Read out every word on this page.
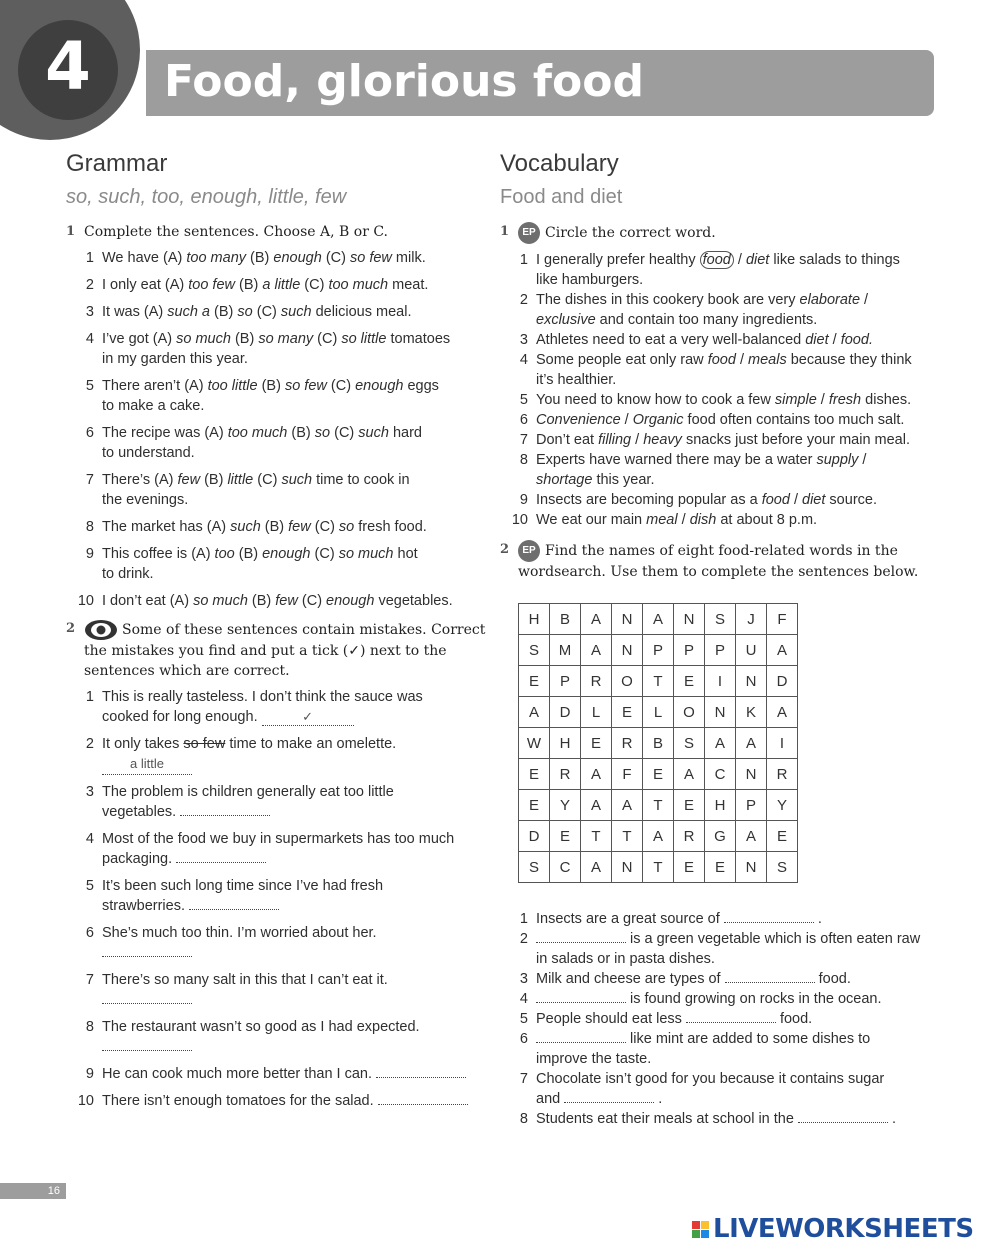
4	Food, glorious food
Grammar
so, such, too, enough, little, few
1 Complete the sentences. Choose A, B or C.
1 We have (A) too many (B) enough (C) so few milk.
2 I only eat (A) too few (B) a little (C) too much meat.
3 It was (A) such a (B) so (C) such delicious meal.
4 I’ve got (A) so much (B) so many (C) so little tomatoes
in my garden this year.
5 There aren’t (A) too little (B) so few (C) enough eggs
to make a cake.
6 The recipe was (A) too much (B) so (C) such hard
to understand.
7 There’s (A) few (B) little (C) such time to cook in
the evenings.
8 The market has (A) such (B) few (C) so fresh food.
9 This coffee is (A) too (B) enough (C) so much hot
to drink.
10 I don’t eat (A) so much (B) few (C) enough vegetables.
2	Some of these sentences contain mistakes. Correct the mistakes you find and put a tick (✓) next to the sentences which are correct.
1 This is really tasteless. I don’t think the sauce was
cooked for long enough.	✓
2 It only takes so few time to make an omelette.
a little
3 The problem is children generally eat too little
vegetables.
4 Most of the food we buy in supermarkets has too much
packaging.
5 It’s been such long time since I’ve had fresh
strawberries.
6 She’s much too thin. I’m worried about her.
7 There’s so many salt in this that I can’t eat it.
8 The restaurant wasn’t so good as I had expected.
9 He can cook much more better than I can.
10 There isn’t enough tomatoes for the salad.
Vocabulary
Food and diet
1 EP Circle the correct word.
1 I generally prefer healthy food / diet like salads to things
like hamburgers.
2 The dishes in this cookery book are very elaborate /
exclusive and contain too many ingredients.
3 Athletes need to eat a very well-balanced diet / food.
4 Some people eat only raw food / meals because they think
it’s healthier.
5 You need to know how to cook a few simple / fresh dishes.
6 Convenience / Organic food often contains too much salt.
7 Don’t eat filling / heavy snacks just before your main meal.
8 Experts have warned there may be a water supply /
shortage this year.
9 Insects are becoming popular as a food / diet source.
10 We eat our main meal / dish at about 8 p.m.
2 EP Find the names of eight food-related words in the wordsearch. Use them to complete the sentences below.
H	B	A	N	A	N	S	J	F
S	M	A	N	P	P	P	U	A
E	P	R	O	T	E	I	N	D
A	D	L	E	L	O	N	K	A
W	H	E	R	B	S	A	A	I
E	R	A	F	E	A	C	N	R
E	Y	A	A	T	E	H	P	Y
D	E	T	T	A	R	G	A	E
S	C	A	N	T	E	E	N	S
1 Insects are a great source of	.
2	is a green vegetable which is often eaten raw
in salads or in pasta dishes.
3 Milk and cheese are types of	food.
4	is found growing on rocks in the ocean.
5 People should eat less	food.
6	like mint are added to some dishes to
improve the taste.
7 Chocolate isn’t good for you because it contains sugar
and	.
8 Students eat their meals at school in the	.
16
LIVEWORKSHEETS
